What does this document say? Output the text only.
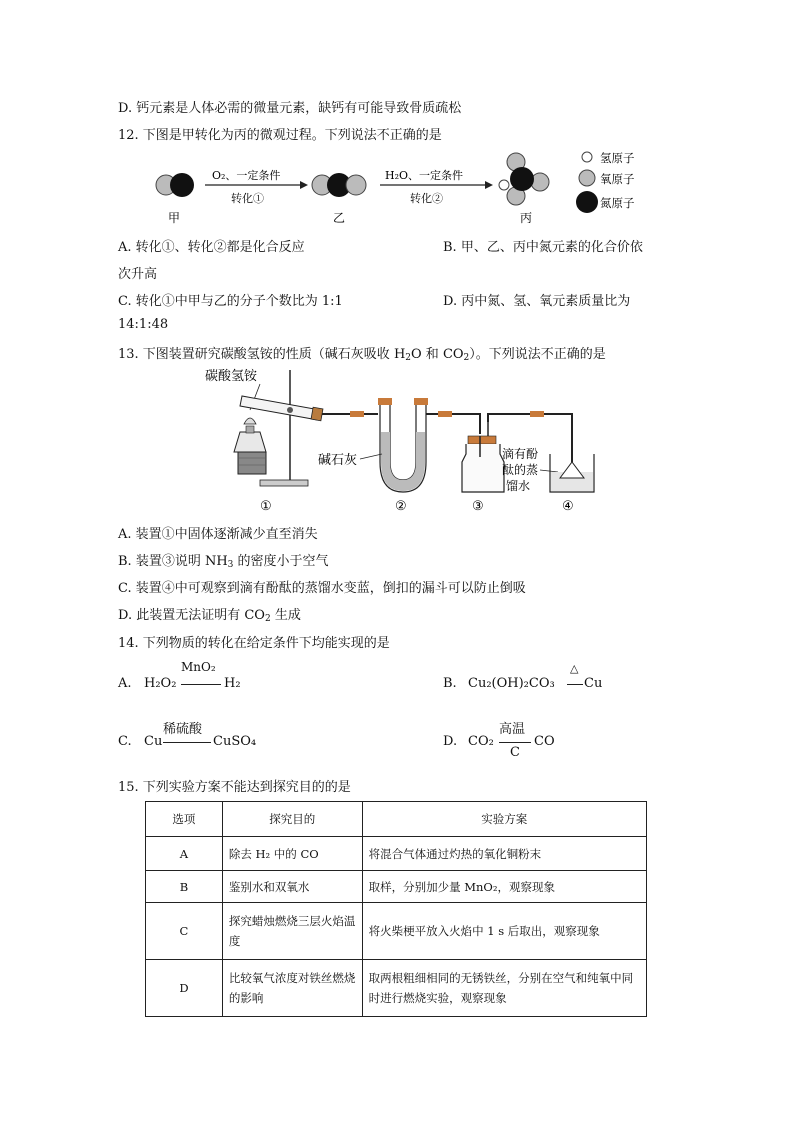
D. 钙元素是人体必需的微量元素，缺钙有可能导致骨质疏松
12. 下图是甲转化为丙的微观过程。下列说法不正确的是
甲
O₂、一定条件
转化①
乙
H₂O、一定条件
转化②
丙
氢原子
氧原子
氮原子
A. 转化①、转化②都是化合反应	B. 甲、乙、丙中氮元素的化合价依
次升高
C. 转化①中甲与乙的分子个数比为 1:1	D. 丙中氮、氢、氧元素质量比为
14:1:48
13. 下图装置研究碳酸氢铵的性质（碱石灰吸收 $H_2O$ 和 $CO_2$）。下列说法不正确的是
碳酸氢铵
碱石灰	滴有酚
酞的蒸
馏水
①	②	③	④
A. 装置①中固体逐渐减少直至消失
B. 装置③说明 $NH_3$ 的密度小于空气
C. 装置④中可观察到滴有酚酞的蒸馏水变蓝，倒扣的漏斗可以防止倒吸
D. 此装置无法证明有 $CO_2$ 生成
14. 下列物质的转化在给定条件下均能实现的是
A. H₂O₂
MnO₂
H₂	B. Cu₂(OH)₂CO₃
△
Cu
C. Cu
稀硫酸
CuSO₄	D. CO₂
高温
C
CO
15. 下列实验方案不能达到探究目的的是
选项	探究目的	实验方案
A	除去 H₂ 中的 CO	将混合气体通过灼热的氧化铜粉末
B	鉴别水和双氧水	取样，分别加少量 MnO₂，观察现象
C	探究蜡烛燃烧三层火焰温度	将火柴梗平放入火焰中 1 s 后取出，观察现象
D	比较氧气浓度对铁丝燃烧的影响	取两根粗细相同的无锈铁丝，分别在空气和纯氧中同时进行燃烧实验，观察现象
